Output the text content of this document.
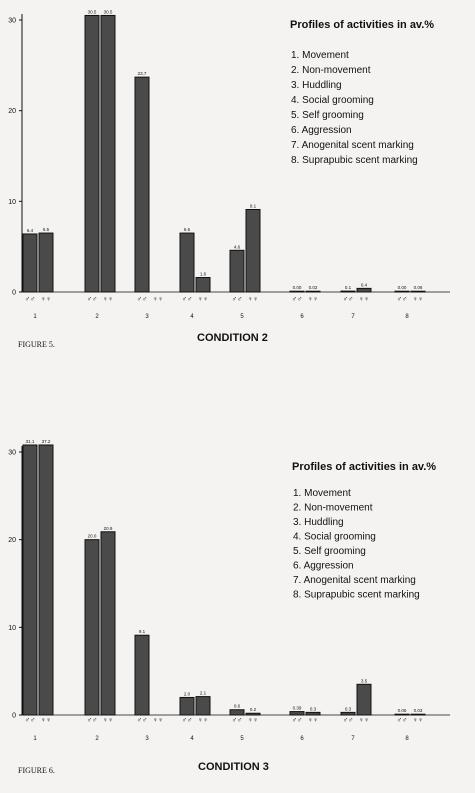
0
10
20
30
6.4 6.5
♂♂ ♀♀
1
30.5 30.5
♂♂ ♀♀
2
23.7
♂♂ ♀♀
3
6.5
1.6
♂♂ ♀♀
4
4.6
9.1
♂♂ ♀♀
5
0.00 0.02
♂♂ ♀♀
6
0.1
0.4
♂♂ ♀♀
7
0.00 0.06
♂♂ ♀♀
8
Profiles of activities in av.%
1. Movement
2. Non-movement
3. Huddling
4. Social grooming
5. Self grooming
6. Aggression
7. Anogenital scent marking
8. Suprapubic scent marking
FIGURE 5.
CONDITION 2
0
10
20
30
31.1 37.2
♂♂ ♀♀
1
20.0
20.9
♂♂ ♀♀
2
9.1
♂♂ ♀♀
3
2.0 2.1
♂♂ ♀♀
4
0.6
0.2
♂♂ ♀♀
5
0.39 0.3
♂♂ ♀♀
6
0.3
3.5
♂♂ ♀♀
7
0.06 0.03
♂♂ ♀♀
8
Profiles of activities in av.%
1. Movement
2. Non-movement
3. Huddling
4. Social grooming
5. Self grooming
6. Aggression
7. Anogenital scent marking
8. Suprapubic scent marking
FIGURE 6.	CONDITION 3
